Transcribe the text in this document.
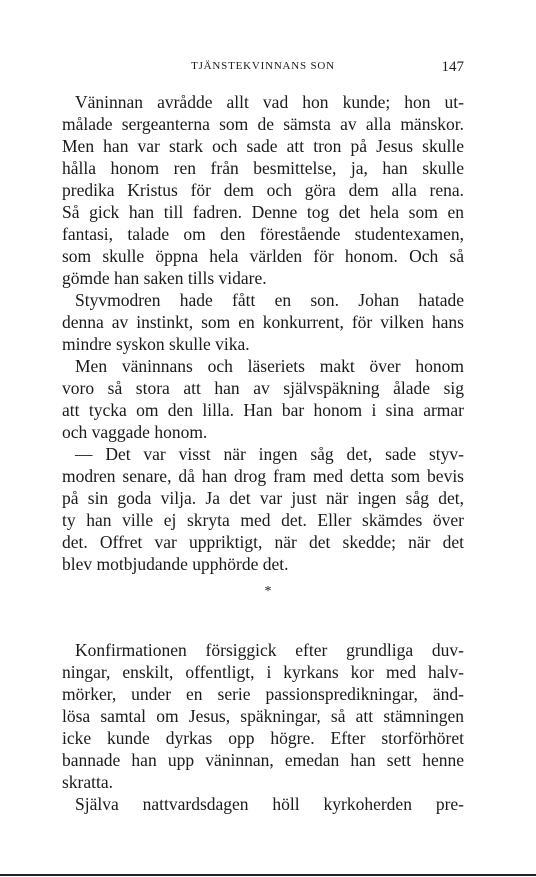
TJÄNSTEKVINNANS SON	147
Väninnan avrådde allt vad hon kunde; hon ut-
målade sergeanterna som de sämsta av alla mänskor.
Men han var stark och sade att tron på Jesus skulle
hålla honom ren från besmittelse, ja, han skulle
predika Kristus för dem och göra dem alla rena.
Så gick han till fadren. Denne tog det hela som en
fantasi, talade om den förestående studentexamen,
som skulle öppna hela världen för honom. Och så
gömde han saken tills vidare.
Styvmodren hade fått en son. Johan hatade
denna av instinkt, som en konkurrent, för vilken hans
mindre syskon skulle vika.
Men väninnans och läseriets makt över honom
voro så stora att han av självspäkning ålade sig
att tycka om den lilla. Han bar honom i sina armar
och vaggade honom.
— Det var visst när ingen såg det, sade styv-
modren senare, då han drog fram med detta som bevis
på sin goda vilja. Ja det var just när ingen såg det,
ty han ville ej skryta med det. Eller skämdes över
det. Offret var uppriktigt, när det skedde; när det
blev motbjudande upphörde det.
*
Konfirmationen försiggick efter grundliga duv-
ningar, enskilt, offentligt, i kyrkans kor med halv-
mörker, under en serie passionspredikningar, änd-
lösa samtal om Jesus, späkningar, så att stämningen
icke kunde dyrkas opp högre. Efter storförhöret
bannade han upp väninnan, emedan han sett henne
skratta.
Själva nattvardsdagen höll kyrkoherden pre-
